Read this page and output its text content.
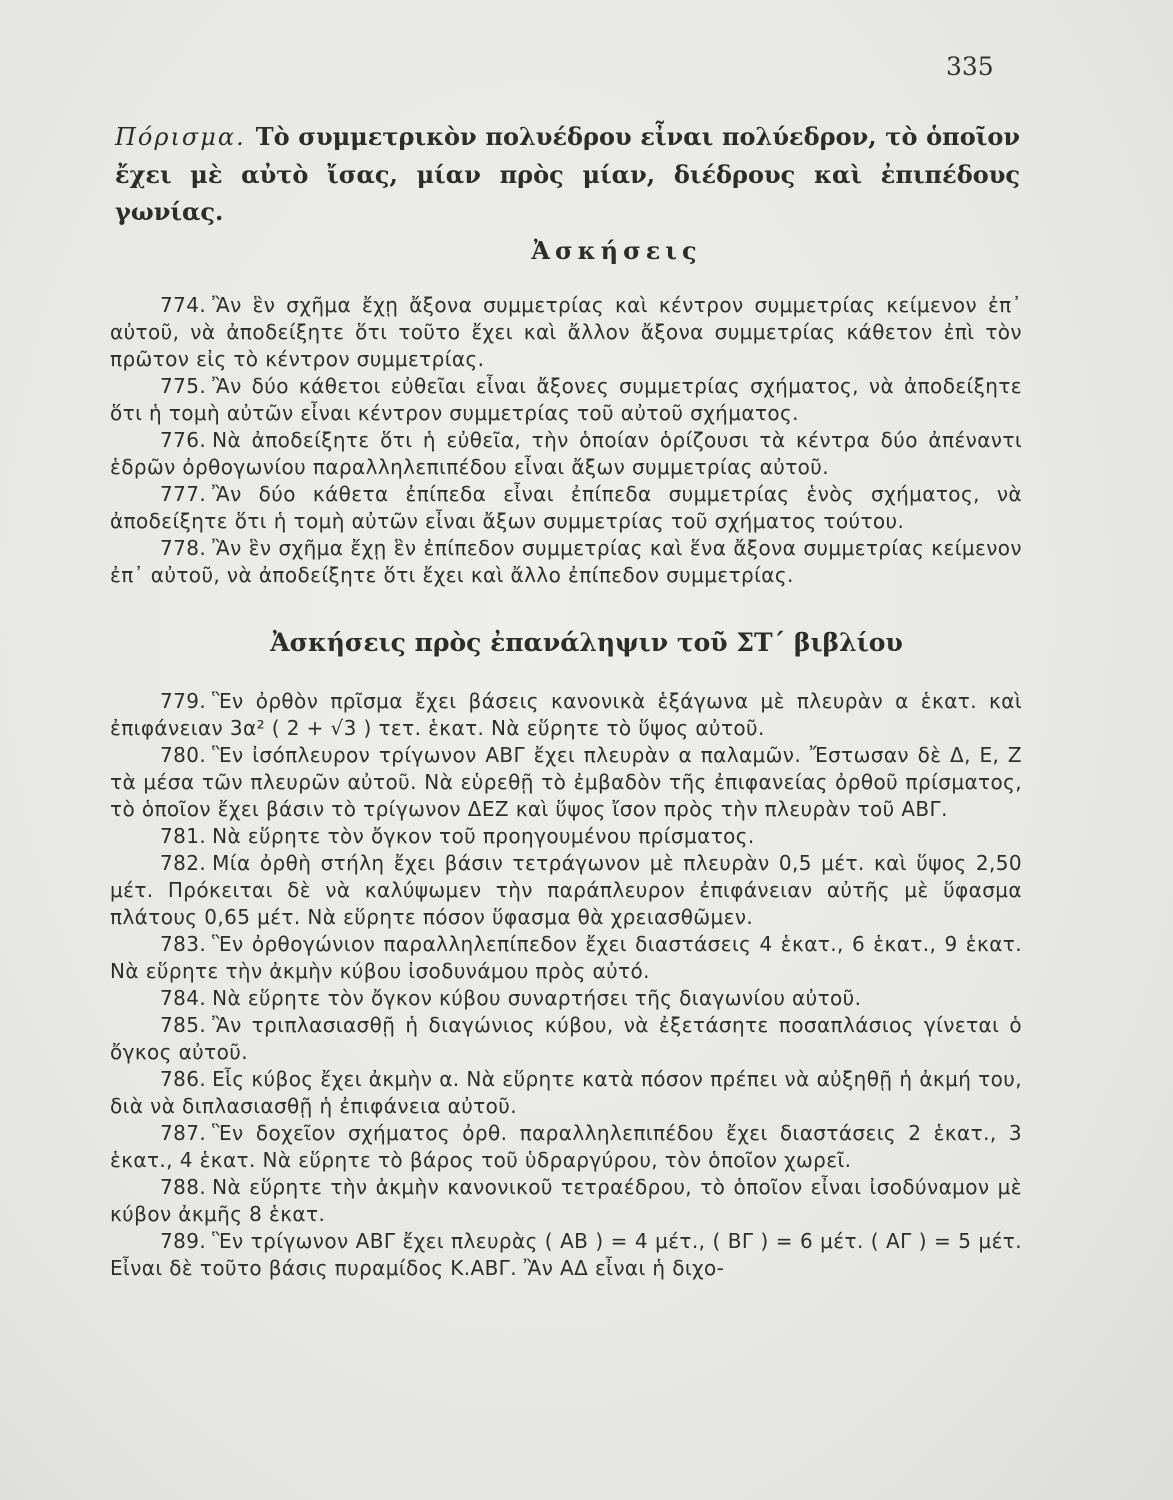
335
Πόρισμα. Τὸ συμμετρικὸν πολυέδρου εἶναι πολύεδρον, τὸ ὁποῖον ἔχει μὲ αὐτὸ ἴσας, μίαν πρὸς μίαν, διέδρους καὶ ἐπιπέδους γωνίας.
Ἀσκήσεις

774. Ἂν ἓν σχῆμα ἔχῃ ἄξονα συμμετρίας καὶ κέντρον συμμετρίας κείμενον ἐπ᾽ αὐτοῦ, νὰ ἀποδείξητε ὅτι τοῦτο ἔχει καὶ ἄλλον ἄξονα συμμετρίας κάθετον ἐπὶ τὸν πρῶτον εἰς τὸ κέντρον συμμετρίας.

775. Ἂν δύο κάθετοι εὐθεῖαι εἶναι ἄξονες συμμετρίας σχήματος, νὰ ἀποδείξητε ὅτι ἡ τομὴ αὐτῶν εἶναι κέντρον συμμετρίας τοῦ αὐτοῦ σχήματος.

776. Νὰ ἀποδείξητε ὅτι ἡ εὐθεῖα, τὴν ὁποίαν ὁρίζουσι τὰ κέντρα δύο ἀπέναντι ἑδρῶν ὀρθογωνίου παραλληλεπιπέδου εἶναι ἄξων συμμετρίας αὐτοῦ.

777. Ἂν δύο κάθετα ἐπίπεδα εἶναι ἐπίπεδα συμμετρίας ἑνὸς σχήματος, νὰ ἀποδείξητε ὅτι ἡ τομὴ αὐτῶν εἶναι ἄξων συμμετρίας τοῦ σχήματος τούτου.

778. Ἂν ἓν σχῆμα ἔχῃ ἓν ἐπίπεδον συμμετρίας καὶ ἕνα ἄξονα συμμετρίας κείμενον ἐπ᾽ αὐτοῦ, νὰ ἀποδείξητε ὅτι ἔχει καὶ ἄλλο ἐπίπεδον συμμετρίας.

Ἀσκήσεις πρὸς ἐπανάληψιν τοῦ ΣΤ΄ βιβλίου

779. Ἓν ὀρθὸν πρῖσμα ἔχει βάσεις κανονικὰ ἑξάγωνα μὲ πλευρὰν α ἑκατ. καὶ ἐπιφάνειαν 3α² ( 2 + √3 ) τετ. ἑκατ. Νὰ εὕρητε τὸ ὕψος αὐτοῦ.

780. Ἓν ἰσόπλευρον τρίγωνον ΑΒΓ ἔχει πλευρὰν α παλαμῶν. Ἔστωσαν δὲ Δ, Ε, Ζ τὰ μέσα τῶν πλευρῶν αὐτοῦ. Νὰ εὑρεθῇ τὸ ἐμβαδὸν τῆς ἐπιφανείας ὀρθοῦ πρίσματος, τὸ ὁποῖον ἔχει βάσιν τὸ τρίγωνον ΔΕΖ καὶ ὕψος ἴσον πρὸς τὴν πλευρὰν τοῦ ΑΒΓ.

781. Νὰ εὕρητε τὸν ὄγκον τοῦ προηγουμένου πρίσματος.

782. Μία ὀρθὴ στήλη ἔχει βάσιν τετράγωνον μὲ πλευρὰν 0,5 μέτ. καὶ ὕψος 2,50 μέτ. Πρόκειται δὲ νὰ καλύψωμεν τὴν παράπλευρον ἐπιφάνειαν αὐτῆς μὲ ὕφασμα πλάτους 0,65 μέτ. Νὰ εὕρητε πόσον ὕφασμα θὰ χρειασθῶμεν.

783. Ἓν ὀρθογώνιον παραλληλεπίπεδον ἔχει διαστάσεις 4 ἑκατ., 6 ἑκατ., 9 ἑκατ. Νὰ εὕρητε τὴν ἀκμὴν κύβου ἰσοδυνάμου πρὸς αὐτό.

784. Νὰ εὕρητε τὸν ὄγκον κύβου συναρτήσει τῆς διαγωνίου αὐτοῦ.

785. Ἂν τριπλασιασθῇ ἡ διαγώνιος κύβου, νὰ ἐξετάσητε ποσαπλάσιος γίνεται ὁ ὄγκος αὐτοῦ.

786. Εἷς κύβος ἔχει ἀκμὴν α. Νὰ εὕρητε κατὰ πόσον πρέπει νὰ αὐξηθῇ ἡ ἀκμή του, διὰ νὰ διπλασιασθῇ ἡ ἐπιφάνεια αὐτοῦ.

787. Ἓν δοχεῖον σχήματος ὀρθ. παραλληλεπιπέδου ἔχει διαστάσεις 2 ἑκατ., 3 ἑκατ., 4 ἑκατ. Νὰ εὕρητε τὸ βάρος τοῦ ὑδραργύρου, τὸν ὁποῖον χωρεῖ.

788. Νὰ εὕρητε τὴν ἀκμὴν κανονικοῦ τετραέδρου, τὸ ὁποῖον εἶναι ἰσοδύναμον μὲ κύβον ἀκμῆς 8 ἑκατ.

789. Ἓν τρίγωνον ΑΒΓ ἔχει πλευρὰς ( ΑΒ ) = 4 μέτ., ( ΒΓ ) = 6 μέτ. ( ΑΓ ) = 5 μέτ. Εἶναι δὲ τοῦτο βάσις πυραμίδος Κ.ΑΒΓ. Ἂν ΑΔ εἶναι ἡ διχο-
